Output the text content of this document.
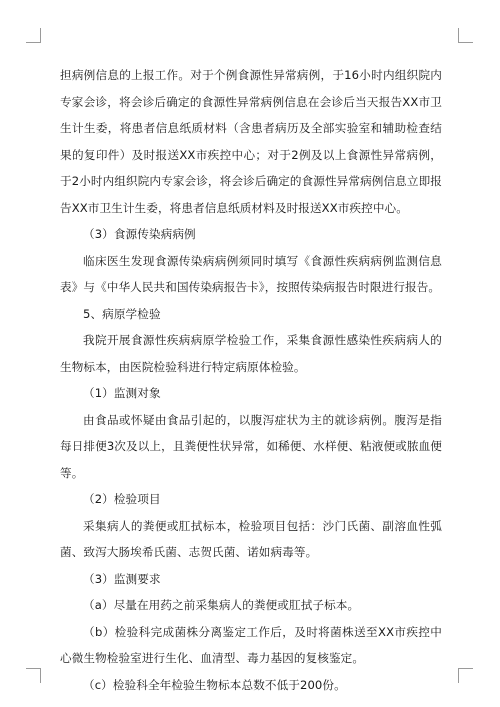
担病例信息的上报工作。对于个例食源性异常病例，于16小时内组织院内专家会诊，将会诊后确定的食源性异常病例信息在会诊后当天报告XX市卫生计生委，将患者信息纸质材料（含患者病历及全部实验室和辅助检查结果的复印件）及时报送XX市疾控中心；对于2例及以上食源性异常病例，于2小时内组织院内专家会诊，将会诊后确定的食源性异常病例信息立即报告XX市卫生计生委，将患者信息纸质材料及时报送XX市疾控中心。

（3）食源传染病病例

临床医生发现食源传染病病例须同时填写《食源性疾病病例监测信息表》与《中华人民共和国传染病报告卡》，按照传染病报告时限进行报告。

5、病原学检验

我院开展食源性疾病病原学检验工作，采集食源性感染性疾病病人的生物标本，由医院检验科进行特定病原体检验。

（1）监测对象

由食品或怀疑由食品引起的，以腹泻症状为主的就诊病例。腹泻是指每日排便3次及以上，且粪便性状异常，如稀便、水样便、粘液便或脓血便等。

（2）检验项目

采集病人的粪便或肛拭标本，检验项目包括：沙门氏菌、副溶血性弧菌、致泻大肠埃希氏菌、志贺氏菌、诺如病毒等。

（3）监测要求

（a）尽量在用药之前采集病人的粪便或肛拭子标本。

（b）检验科完成菌株分离鉴定工作后，及时将菌株送至XX市疾控中心微生物检验室进行生化、血清型、毒力基因的复核鉴定。

（c）检验科全年检验生物标本总数不低于200份。
